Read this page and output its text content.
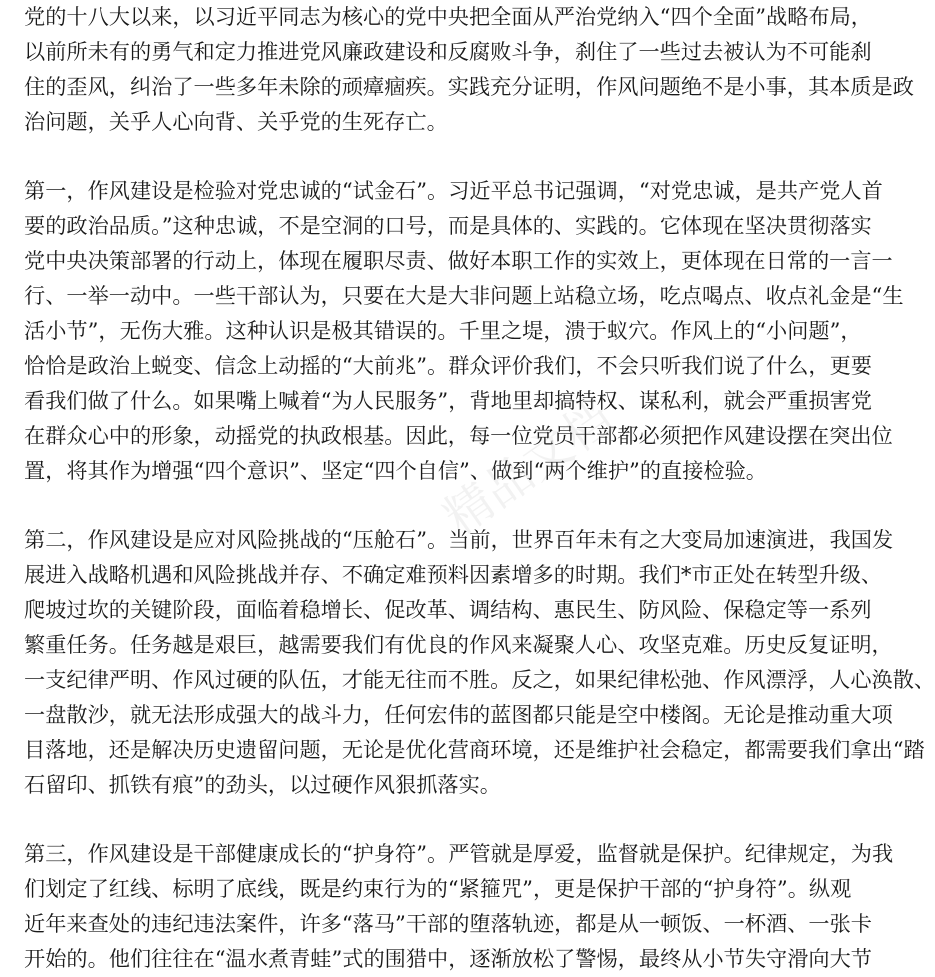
党的十八大以来，以习近平同志为核心的党中央把全面从严治党纳入“四个全面”战略布局，
以前所未有的勇气和定力推进党风廉政建设和反腐败斗争，刹住了一些过去被认为不可能刹
住的歪风，纠治了一些多年未除的顽瘴痼疾。实践充分证明，作风问题绝不是小事，其本质是政
治问题，关乎人心向背、关乎党的生死存亡。
第一，作风建设是检验对党忠诚的“试金石”。习近平总书记强调，“对党忠诚，是共产党人首
要的政治品质。”这种忠诚，不是空洞的口号，而是具体的、实践的。它体现在坚决贯彻落实
党中央决策部署的行动上，体现在履职尽责、做好本职工作的实效上，更体现在日常的一言一
行、一举一动中。一些干部认为，只要在大是大非问题上站稳立场，吃点喝点、收点礼金是“生
活小节”，无伤大雅。这种认识是极其错误的。千里之堤，溃于蚁穴。作风上的“小问题”，
恰恰是政治上蜕变、信念上动摇的“大前兆”。群众评价我们，不会只听我们说了什么，更要
看我们做了什么。如果嘴上喊着“为人民服务”，背地里却搞特权、谋私利，就会严重损害党
在群众心中的形象，动摇党的执政根基。因此，每一位党员干部都必须把作风建设摆在突出位
置，将其作为增强“四个意识”、坚定“四个自信”、做到“两个维护”的直接检验。
第二，作风建设是应对风险挑战的“压舱石”。当前，世界百年未有之大变局加速演进，我国发
展进入战略机遇和风险挑战并存、不确定难预料因素增多的时期。我们*市正处在转型升级、
爬坡过坎的关键阶段，面临着稳增长、促改革、调结构、惠民生、防风险、保稳定等一系列
繁重任务。任务越是艰巨，越需要我们有优良的作风来凝聚人心、攻坚克难。历史反复证明，
一支纪律严明、作风过硬的队伍，才能无往而不胜。反之，如果纪律松弛、作风漂浮，人心涣散、
一盘散沙，就无法形成强大的战斗力，任何宏伟的蓝图都只能是空中楼阁。无论是推动重大项
目落地，还是解决历史遗留问题，无论是优化营商环境，还是维护社会稳定，都需要我们拿出“踏
石留印、抓铁有痕”的劲头，以过硬作风狠抓落实。
第三，作风建设是干部健康成长的“护身符”。严管就是厚爱，监督就是保护。纪律规定，为我
们划定了红线、标明了底线，既是约束行为的“紧箍咒”，更是保护干部的“护身符”。纵观
近年来查处的违纪违法案件，许多“落马”干部的堕落轨迹，都是从一顿饭、一杯酒、一张卡
开始的。他们往往在“温水煮青蛙”式的围猎中，逐渐放松了警惕，最终从小节失守滑向大节
精品文档
